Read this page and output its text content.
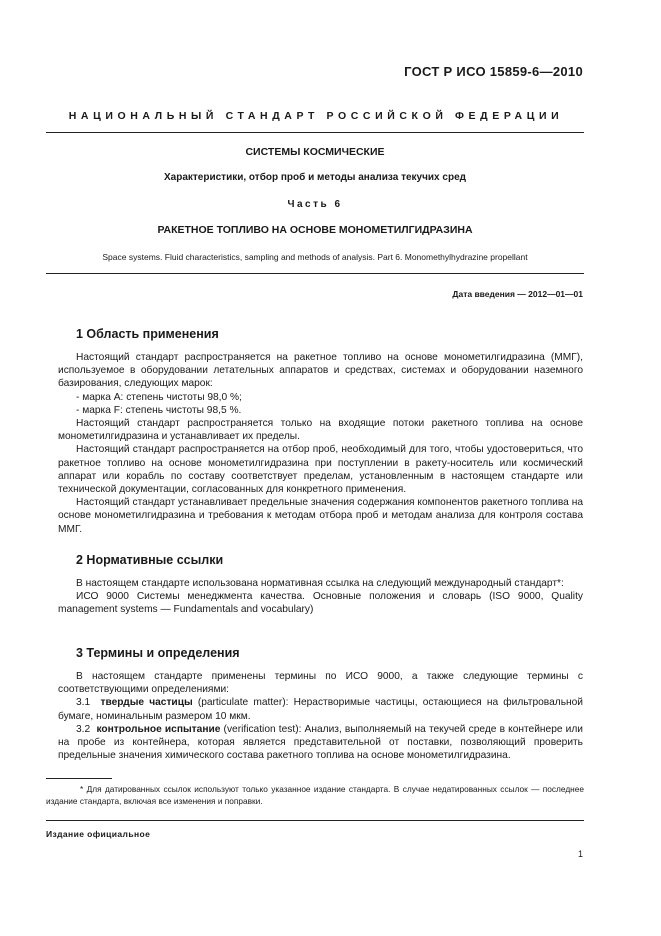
ГОСТ Р ИСО 15859-6—2010
НАЦИОНАЛЬНЫЙ СТАНДАРТ РОССИЙСКОЙ ФЕДЕРАЦИИ
СИСТЕМЫ КОСМИЧЕСКИЕ
Характеристики, отбор проб и методы анализа текучих сред
Часть 6
РАКЕТНОЕ ТОПЛИВО НА ОСНОВЕ МОНОМЕТИЛГИДРАЗИНА
Space systems. Fluid characteristics, sampling and methods of analysis. Part 6. Monomethylhydrazine propellant
Дата введения — 2012—01—01
1 Область применения

Настоящий стандарт распространяется на ракетное топливо на основе монометилгидразина (ММГ), используемое в оборудовании летательных аппаратов и средствах, системах и оборудовании наземного базирования, следующих марок:

- марка А: степень чистоты 98,0 %;

- марка F: степень чистоты 98,5 %.

Настоящий стандарт распространяется только на входящие потоки ракетного топлива на основе монометилгидразина и устанавливает их пределы.

Настоящий стандарт распространяется на отбор проб, необходимый для того, чтобы удостовериться, что ракетное топливо на основе монометилгидразина при поступлении в ракету-носитель или космический аппарат или корабль по составу соответствует пределам, установленным в настоящем стандарте или технической документации, согласованных для конкретного применения.

Настоящий стандарт устанавливает предельные значения содержания компонентов ракетного топлива на основе монометилгидразина и требования к методам отбора проб и методам анализа для контроля состава ММГ.

2 Нормативные ссылки

В настоящем стандарте использована нормативная ссылка на следующий международный стандарт*:

ИСО 9000 Системы менеджмента качества. Основные положения и словарь (ISO 9000, Quality management systems — Fundamentals and vocabulary)

3 Термины и определения

В настоящем стандарте применены термины по ИСО 9000, а также следующие термины с соответствующими определениями:

3.1 твердые частицы (particulate matter): Нерастворимые частицы, остающиеся на фильтровальной бумаге, номинальным размером 10 мкм.

3.2 контрольное испытание (verification test): Анализ, выполняемый на текучей среде в контейнере или на пробе из контейнера, которая является представительной от поставки, позволяющий проверить предельные значения химического состава ракетного топлива на основе монометилгидразина.

* Для датированных ссылок используют только указанное издание стандарта. В случае недатированных ссылок — последнее издание стандарта, включая все изменения и поправки.

Издание официальное
1
